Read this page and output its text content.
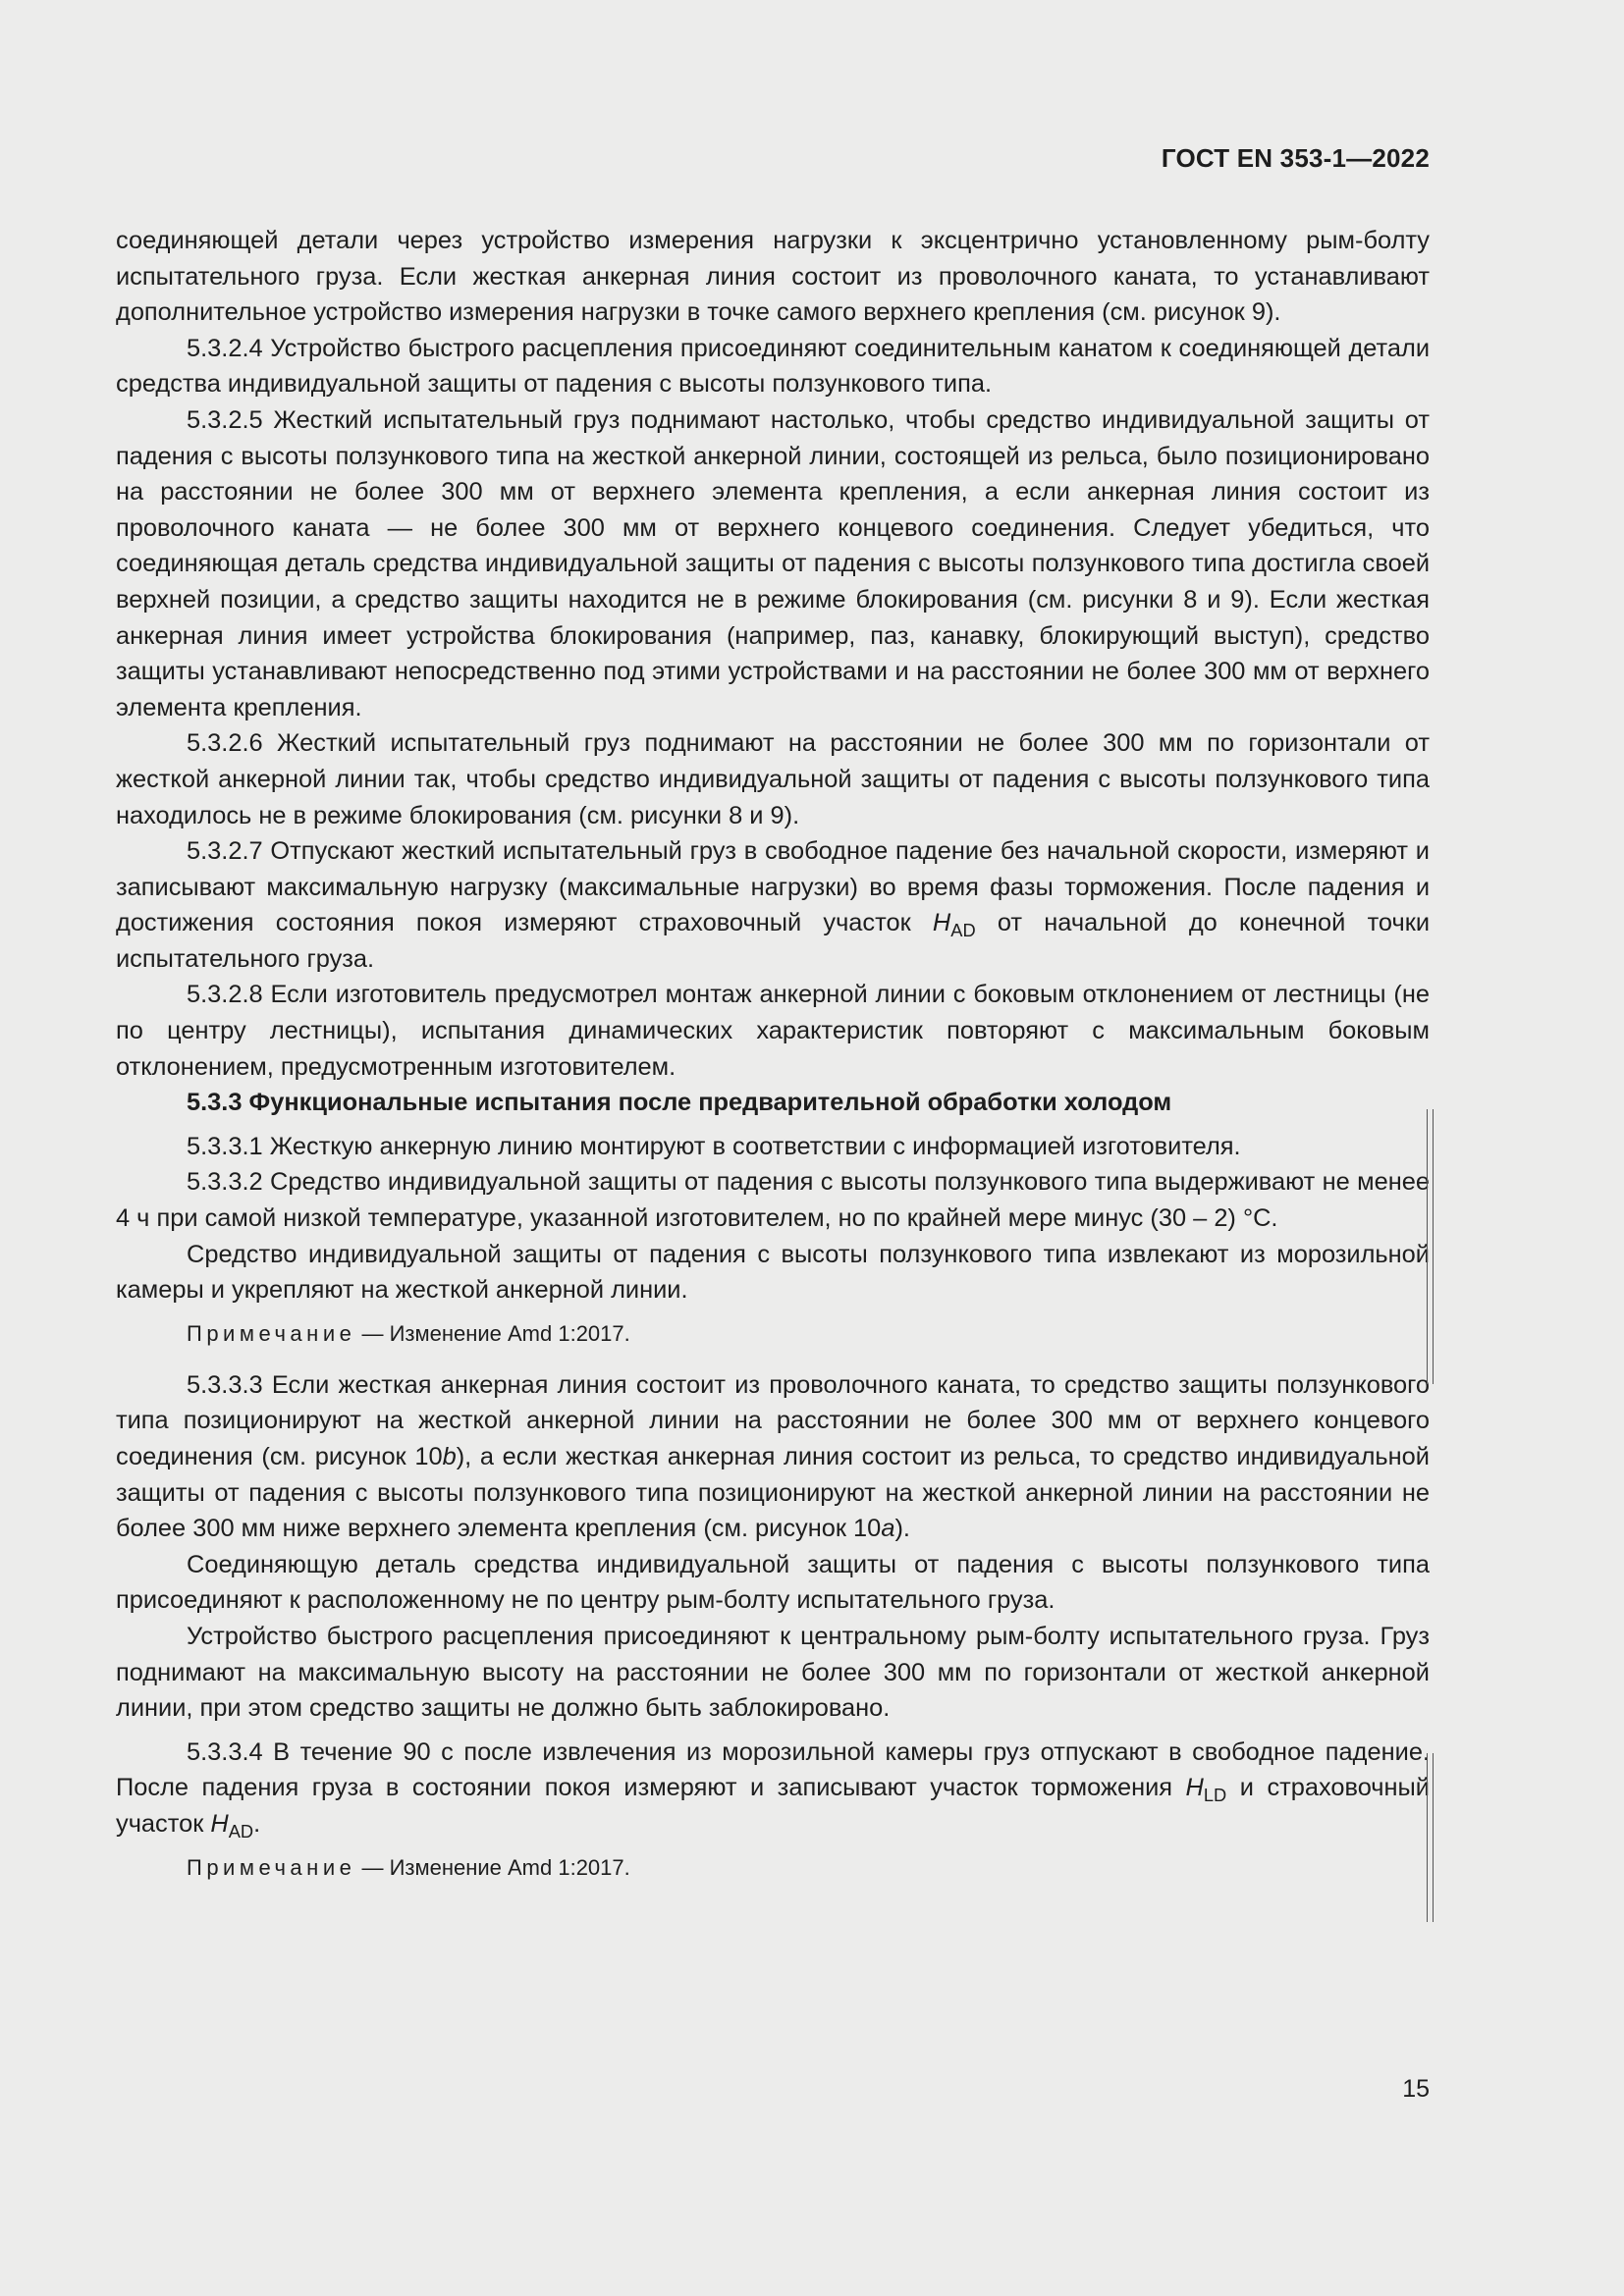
ГОСТ EN 353-1—2022

соединяющей детали через устройство измерения нагрузки к эксцентрично установленному рым-болту испытательного груза. Если жесткая анкерная линия состоит из проволочного каната, то устанавливают дополнительное устройство измерения нагрузки в точке самого верхнего крепления (см. рисунок 9).

5.3.2.4 Устройство быстрого расцепления присоединяют соединительным канатом к соединяющей детали средства индивидуальной защиты от падения с высоты ползункового типа.

5.3.2.5 Жесткий испытательный груз поднимают настолько, чтобы средство индивидуальной защиты от падения с высоты ползункового типа на жесткой анкерной линии, состоящей из рельса, было позиционировано на расстоянии не более 300 мм от верхнего элемента крепления, а если анкерная линия состоит из проволочного каната — не более 300 мм от верхнего концевого соединения. Следует убедиться, что соединяющая деталь средства индивидуальной защиты от падения с высоты ползункового типа достигла своей верхней позиции, а средство защиты находится не в режиме блокирования (см. рисунки 8 и 9). Если жесткая анкерная линия имеет устройства блокирования (например, паз, канавку, блокирующий выступ), средство защиты устанавливают непосредственно под этими устройствами и на расстоянии не более 300 мм от верхнего элемента крепления.

5.3.2.6 Жесткий испытательный груз поднимают на расстоянии не более 300 мм по горизонтали от жесткой анкерной линии так, чтобы средство индивидуальной защиты от падения с высоты ползункового типа находилось не в режиме блокирования (см. рисунки 8 и 9).

5.3.2.7 Отпускают жесткий испытательный груз в свободное падение без начальной скорости, измеряют и записывают максимальную нагрузку (максимальные нагрузки) во время фазы торможения. После падения и достижения состояния покоя измеряют страховочный участок $H_{AD}$ от начальной до конечной точки испытательного груза.

5.3.2.8 Если изготовитель предусмотрел монтаж анкерной линии с боковым отклонением от лестницы (не по центру лестницы), испытания динамических характеристик повторяют с максимальным боковым отклонением, предусмотренным изготовителем.

5.3.3 Функциональные испытания после предварительной обработки холодом

5.3.3.1 Жесткую анкерную линию монтируют в соответствии с информацией изготовителя.

5.3.3.2 Средство индивидуальной защиты от падения с высоты ползункового типа выдерживают не менее 4 ч при самой низкой температуре, указанной изготовителем, но по крайней мере минус (30 – 2) °С.

Средство индивидуальной защиты от падения с высоты ползункового типа извлекают из морозильной камеры и укрепляют на жесткой анкерной линии.

Примечание — Изменение Amd 1:2017.

5.3.3.3 Если жесткая анкерная линия состоит из проволочного каната, то средство защиты ползункового типа позиционируют на жесткой анкерной линии на расстоянии не более 300 мм от верхнего концевого соединения (см. рисунок 10b), а если жесткая анкерная линия состоит из рельса, то средство индивидуальной защиты от падения с высоты ползункового типа позиционируют на жесткой анкерной линии на расстоянии не более 300 мм ниже верхнего элемента крепления (см. рисунок 10a).

Соединяющую деталь средства индивидуальной защиты от падения с высоты ползункового типа присоединяют к расположенному не по центру рым-болту испытательного груза.

Устройство быстрого расцепления присоединяют к центральному рым-болту испытательного груза. Груз поднимают на максимальную высоту на расстоянии не более 300 мм по горизонтали от жесткой анкерной линии, при этом средство защиты не должно быть заблокировано.

5.3.3.4 В течение 90 с после извлечения из морозильной камеры груз отпускают в свободное падение. После падения груза в состоянии покоя измеряют и записывают участок торможения $H_{LD}$ и страховочный участок $H_{AD}$.

Примечание — Изменение Amd 1:2017.

15
